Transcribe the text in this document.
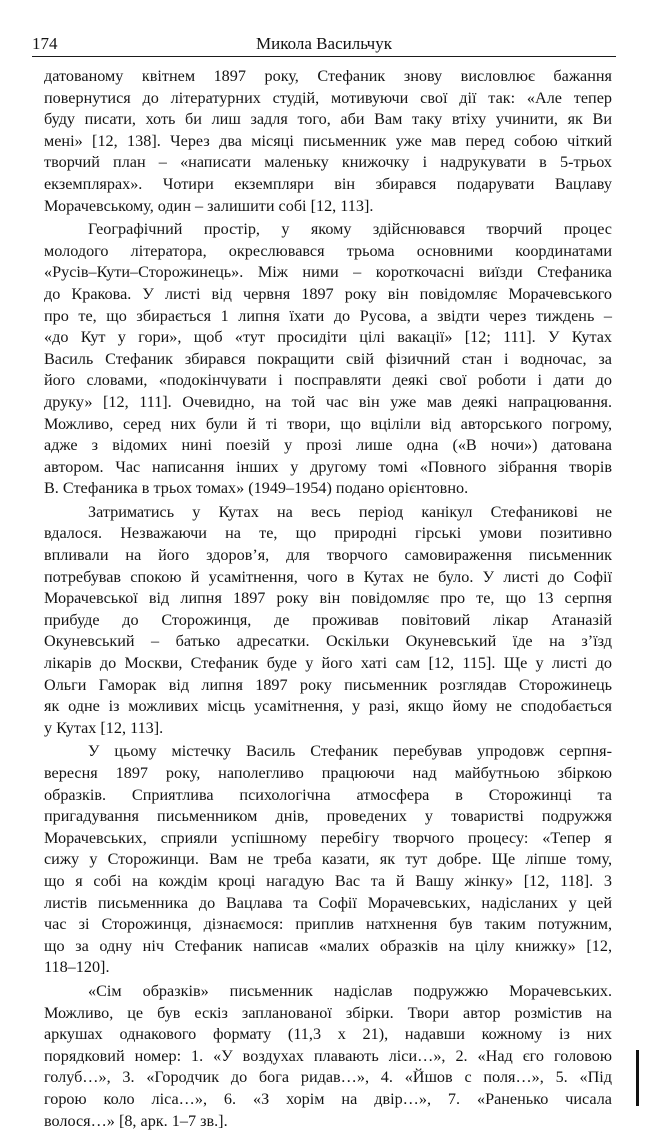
174	Микола Васильчук
датованому квітнем 1897 року, Стефаник знову висловлює бажання
повернутися до літературних студій, мотивуючи свої дії так: «Але тепер
буду писати, хоть би лиш задля того, аби Вам таку втіху учинити, як Ви
мені» [12, 138]. Через два місяці письменник уже мав перед собою чіткий
творчий план – «написати маленьку книжочку і надрукувати в 5-трьох
екземплярах». Чотири екземпляри він збирався подарувати Вацлаву
Морачевському, один – залишити собі [12, 113].
Географічний простір, у якому здійснювався творчий процес
молодого літератора, окреслювався трьома основними координатами
«Русів–Кути–Сторожинець». Між ними – короткочасні виїзди Стефаника
до Кракова. У листі від червня 1897 року він повідомляє Морачевського
про те, що збирається 1 липня їхати до Русова, а звідти через тиждень –
«до Кут у гори», щоб «тут просидіти цілі вакації» [12; 111]. У Кутах
Василь Стефаник збирався покращити свій фізичний стан і водночас, за
його словами, «подокінчувати і посправляти деякі свої роботи і дати до
друку» [12, 111]. Очевидно, на той час він уже мав деякі напрацювання.
Можливо, серед них були й ті твори, що вціліли від авторського погрому,
адже з відомих нині поезій у прозі лише одна («В ночи») датована
автором. Час написання інших у другому томі «Повного зібрання творів
В. Стефаника в трьох томах» (1949–1954) подано орієнтовно.
Затриматись у Кутах на весь період канікул Стефаникові не
вдалося. Незважаючи на те, що природні гірські умови позитивно
впливали на його здоров’я, для творчого самовираження письменник
потребував спокою й усамітнення, чого в Кутах не було. У листі до Софії
Морачевської від липня 1897 року він повідомляє про те, що 13 серпня
прибуде до Сторожинця, де проживав повітовий лікар Атаназій
Окуневський – батько адресатки. Оскільки Окуневський їде на з’їзд
лікарів до Москви, Стефаник буде у його хаті сам [12, 115]. Ще у листі до
Ольги Гаморак від липня 1897 року письменник розглядав Сторожинець
як одне із можливих місць усамітнення, у разі, якщо йому не сподобається
у Кутах [12, 113].
У цьому містечку Василь Стефаник перебував упродовж серпня-
вересня 1897 року, наполегливо працюючи над майбутньою збіркою
образків. Сприятлива психологічна атмосфера в Сторожинці та
пригадування письменником днів, проведених у товаристві подружжя
Морачевських, сприяли успішному перебігу творчого процесу: «Тепер я
сижу у Сторожинци. Вам не треба казати, як тут добре. Ще ліпше тому,
що я собі на кождім кроці нагадую Вас та й Вашу жінку» [12, 118]. 3
листів письменника до Вацлава та Софії Морачевських, надісланих у цей
час зі Сторожинця, дізнаємося: приплив натхнення був таким потужним,
що за одну ніч Стефаник написав «малих образків на цілу книжку» [12,
118–120].
«Сім образків» письменник надіслав подружжю Морачевських.
Можливо, це був ескіз запланованої збірки. Твори автор розмістив на
аркушах однакового формату (11,3 х 21), надавши кожному із них
порядковий номер: 1. «У воздухах плавають ліси…», 2. «Над єго головою
голуб…», 3. «Городчик до бога ридав…», 4. «Йшов с поля…», 5. «Під
горою коло ліса…», 6. «З хорім на двір…», 7. «Раненько чисала
волося…» [8, арк. 1–7 зв.].
